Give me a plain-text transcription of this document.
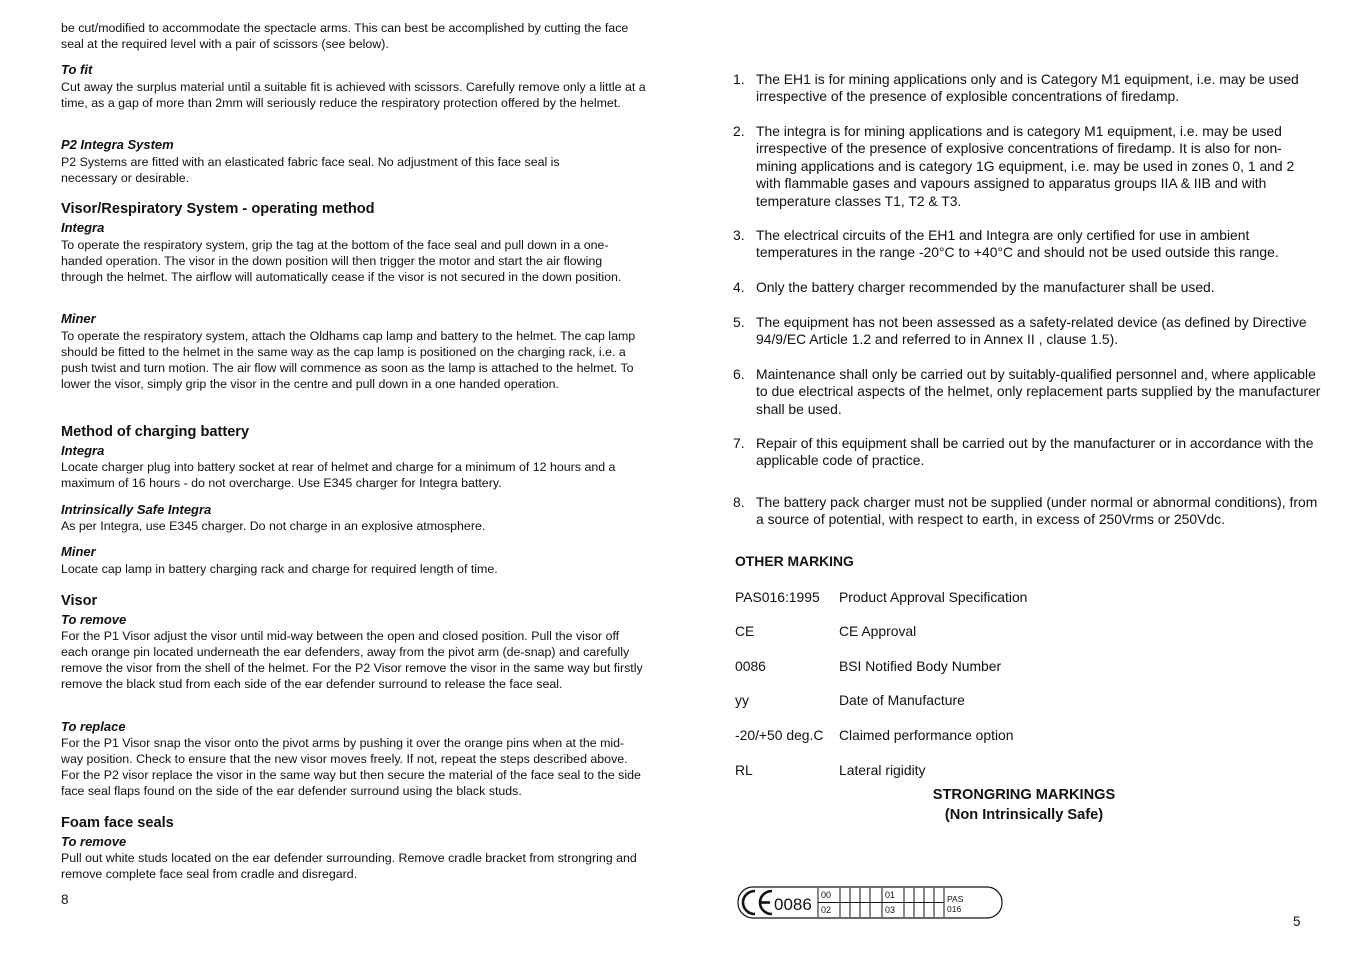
be cut/modified to accommodate the spectacle arms. This can best be accomplished by cutting the face seal at the required level with a pair of scissors (see below).

To fit

Cut away the surplus material until a suitable fit is achieved with scissors. Carefully remove only a little at a time, as a gap of more than 2mm will seriously reduce the respiratory protection offered by the helmet.

P2 Integra System

P2 Systems are fitted with an elasticated fabric face seal. No adjustment of this face seal is necessary or desirable.

Visor/Respiratory System - operating method

Integra

To operate the respiratory system, grip the tag at the bottom of the face seal and pull down in a one-handed operation. The visor in the down position will then trigger the motor and start the air flowing through the helmet. The airflow will automatically cease if the visor is not secured in the down position.

Miner

To operate the respiratory system, attach the Oldhams cap lamp and battery to the helmet. The cap lamp should be fitted to the helmet in the same way as the cap lamp is positioned on the charging rack, i.e. a push twist and turn motion. The air flow will commence as soon as the lamp is attached to the helmet. To lower the visor, simply grip the visor in the centre and pull down in a one handed operation.

Method of charging battery

Integra

Locate charger plug into battery socket at rear of helmet and charge for a minimum of 12 hours and a maximum of 16 hours - do not overcharge. Use E345 charger for Integra battery.

Intrinsically Safe Integra

As per Integra, use E345 charger. Do not charge in an explosive atmosphere.

Miner

Locate cap lamp in battery charging rack and charge for required length of time.

Visor

To remove

For the P1 Visor adjust the visor until mid-way between the open and closed position. Pull the visor off each orange pin located underneath the ear defenders, away from the pivot arm (de-snap) and carefully remove the visor from the shell of the helmet. For the P2 Visor remove the visor in the same way but firstly remove the black stud from each side of the ear defender surround to release the face seal.

To replace

For the P1 Visor snap the visor onto the pivot arms by pushing it over the orange pins when at the mid-way position. Check to ensure that the new visor moves freely. If not, repeat the steps described above. For the P2 visor replace the visor in the same way but then secure the material of the face seal to the side face seal flaps found on the side of the ear defender surround using the black studs.

Foam face seals

To remove

Pull out white studs located on the ear defender surrounding. Remove cradle bracket from strongring and remove complete face seal from cradle and disregard.

8

1. The EH1 is for mining applications only and is Category M1 equipment, i.e. may be used irrespective of the presence of explosible concentrations of firedamp.

2. The integra is for mining applications and is category M1 equipment, i.e. may be used irrespective of the presence of explosive concentrations of firedamp. It is also for non-mining applications and is category 1G equipment, i.e. may be used in zones 0, 1 and 2 with flammable gases and vapours assigned to apparatus groups IIA & IIB and with temperature classes T1, T2 & T3.

3. The electrical circuits of the EH1 and Integra are only certified for use in ambient temperatures in the range -20°C to +40°C and should not be used outside this range.

4. Only the battery charger recommended by the manufacturer shall be used.

5. The equipment has not been assessed as a safety-related device (as defined by Directive 94/9/EC Article 1.2 and referred to in Annex II , clause 1.5).

6. Maintenance shall only be carried out by suitably-qualified personnel and, where applicable to due electrical aspects of the helmet, only replacement parts supplied by the manufacturer shall be used.

7. Repair of this equipment shall be carried out by the manufacturer or in accordance with the applicable code of practice.

8. The battery pack charger must not be supplied (under normal or abnormal conditions), from a source of potential, with respect to earth, in excess of 250Vrms or 250Vdc.

OTHER MARKING

PAS016:1995 Product Approval Specification
CE	CE Approval
0086	BSI Notified Body Number
yy	Date of Manufacture
-20/+50 deg.C Claimed performance option
RL	Lateral rigidity
STRONGRING MARKINGS
(Non Intrinsically Safe)
0086 00
02
01
03
PAS
016

5
